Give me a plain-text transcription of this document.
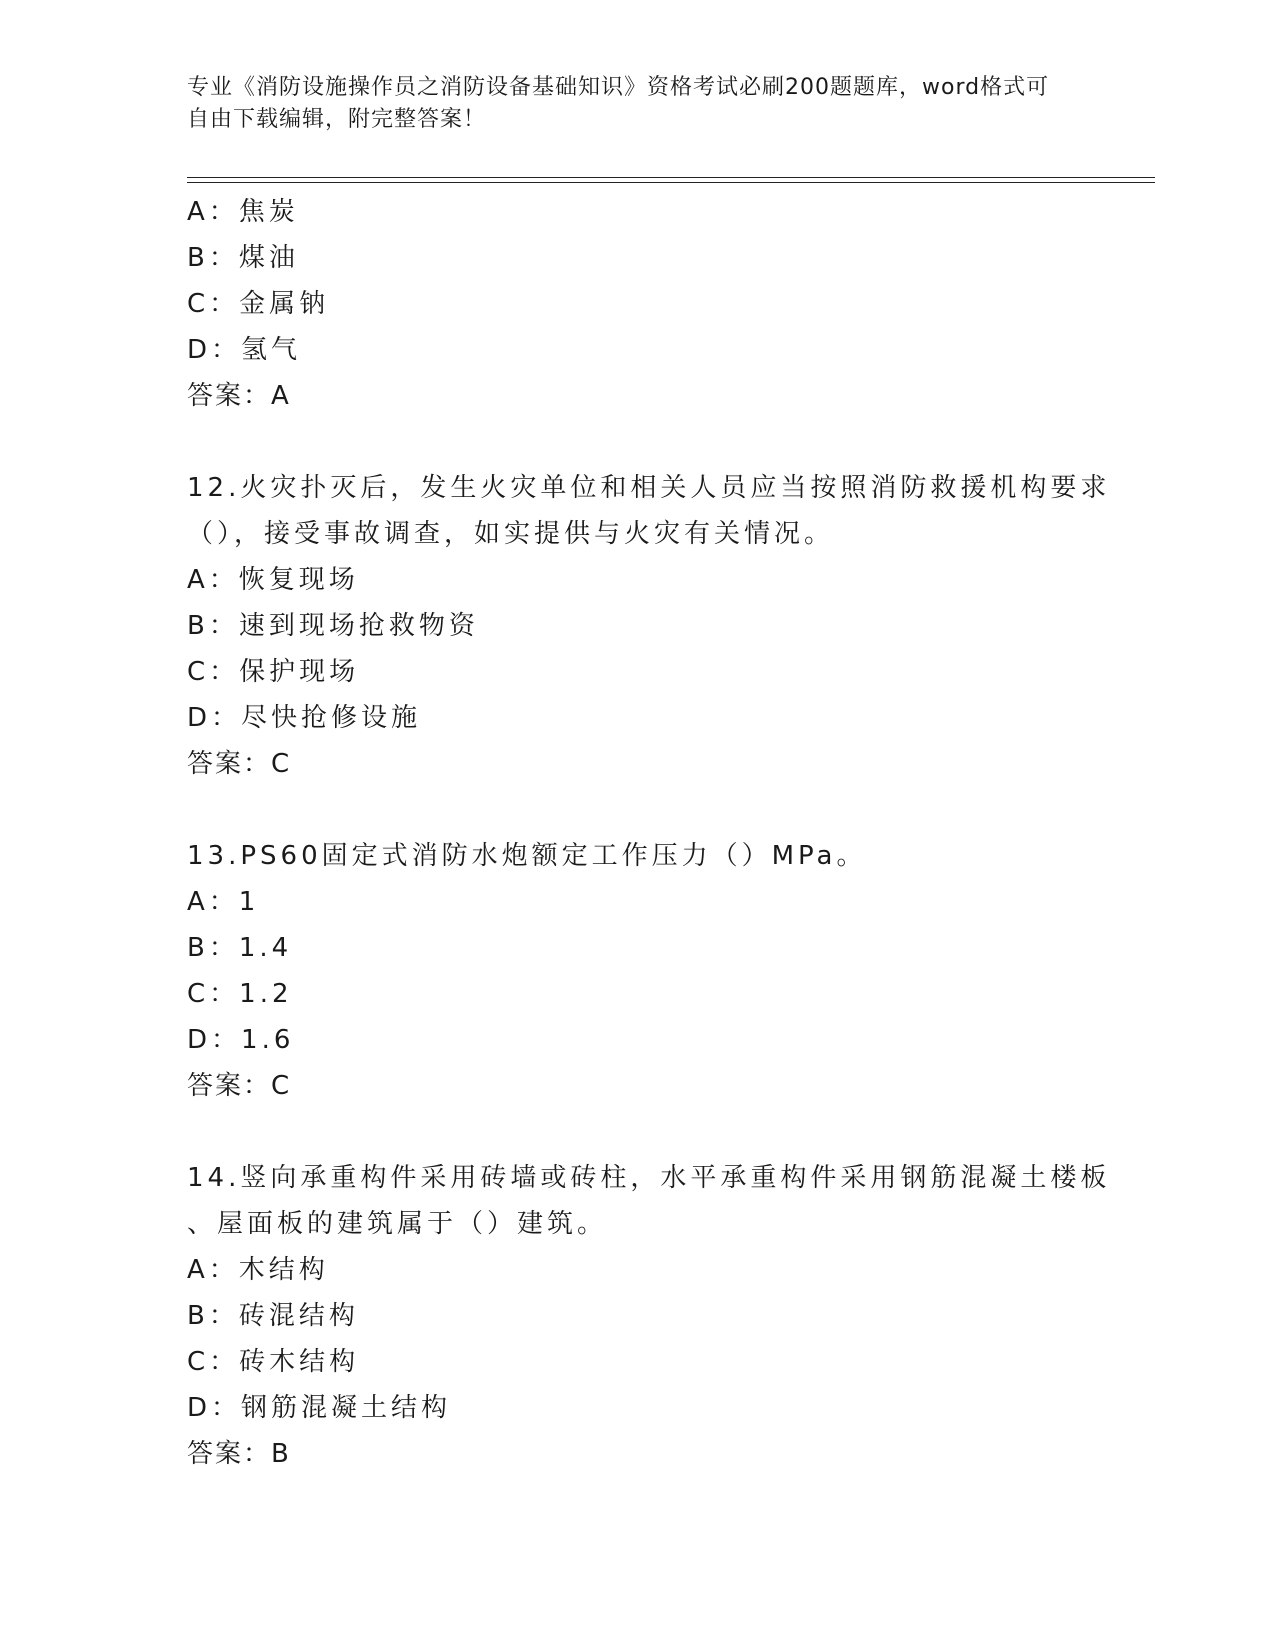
专业《消防设施操作员之消防设备基础知识》资格考试必刷200题题库，word格式可自由下载编辑，附完整答案！
A：焦炭
B：煤油
C：金属钠
D：氢气
答案：A
12.火灾扑灭后，发生火灾单位和相关人员应当按照消防救援机构要求
（），接受事故调查，如实提供与火灾有关情况。
A：恢复现场
B：速到现场抢救物资
C：保护现场
D：尽快抢修设施
答案：C
13.PS60固定式消防水炮额定工作压力（）MPa。
A：1
B：1.4
C：1.2
D：1.6
答案：C
14.竖向承重构件采用砖墙或砖柱，水平承重构件采用钢筋混凝土楼板
、屋面板的建筑属于（）建筑。
A：木结构
B：砖混结构
C：砖木结构
D：钢筋混凝土结构
答案：B
